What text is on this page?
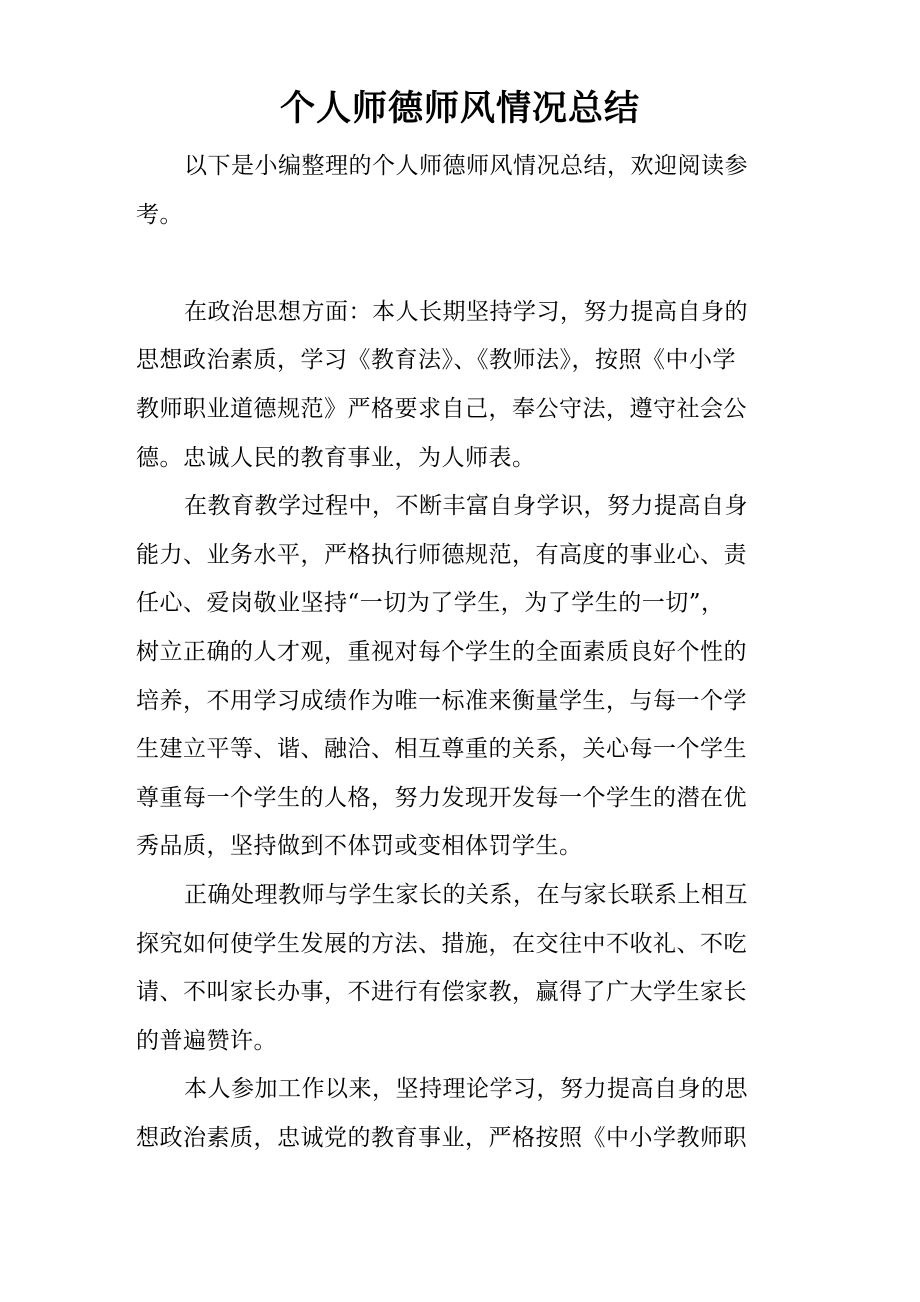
个人师德师风情况总结
以下是小编整理的个人师德师风情况总结，欢迎阅读参
考。
在政治思想方面：本人长期坚持学习，努力提高自身的
思想政治素质，学习《教育法》、《教师法》，按照《中小学
教师职业道德规范》严格要求自己，奉公守法，遵守社会公
德。忠诚人民的教育事业，为人师表。
在教育教学过程中，不断丰富自身学识，努力提高自身
能力、业务水平，严格执行师德规范，有高度的事业心、责
任心、爱岗敬业坚持“一切为了学生，为了学生的一切”，
树立正确的人才观，重视对每个学生的全面素质良好个性的
培养，不用学习成绩作为唯一标准来衡量学生，与每一个学
生建立平等、谐、融洽、相互尊重的关系，关心每一个学生
尊重每一个学生的人格，努力发现开发每一个学生的潜在优
秀品质，坚持做到不体罚或变相体罚学生。
正确处理教师与学生家长的关系，在与家长联系上相互
探究如何使学生发展的方法、措施，在交往中不收礼、不吃
请、不叫家长办事，不进行有偿家教，赢得了广大学生家长
的普遍赞许。
本人参加工作以来，坚持理论学习，努力提高自身的思
想政治素质，忠诚党的教育事业，严格按照《中小学教师职
